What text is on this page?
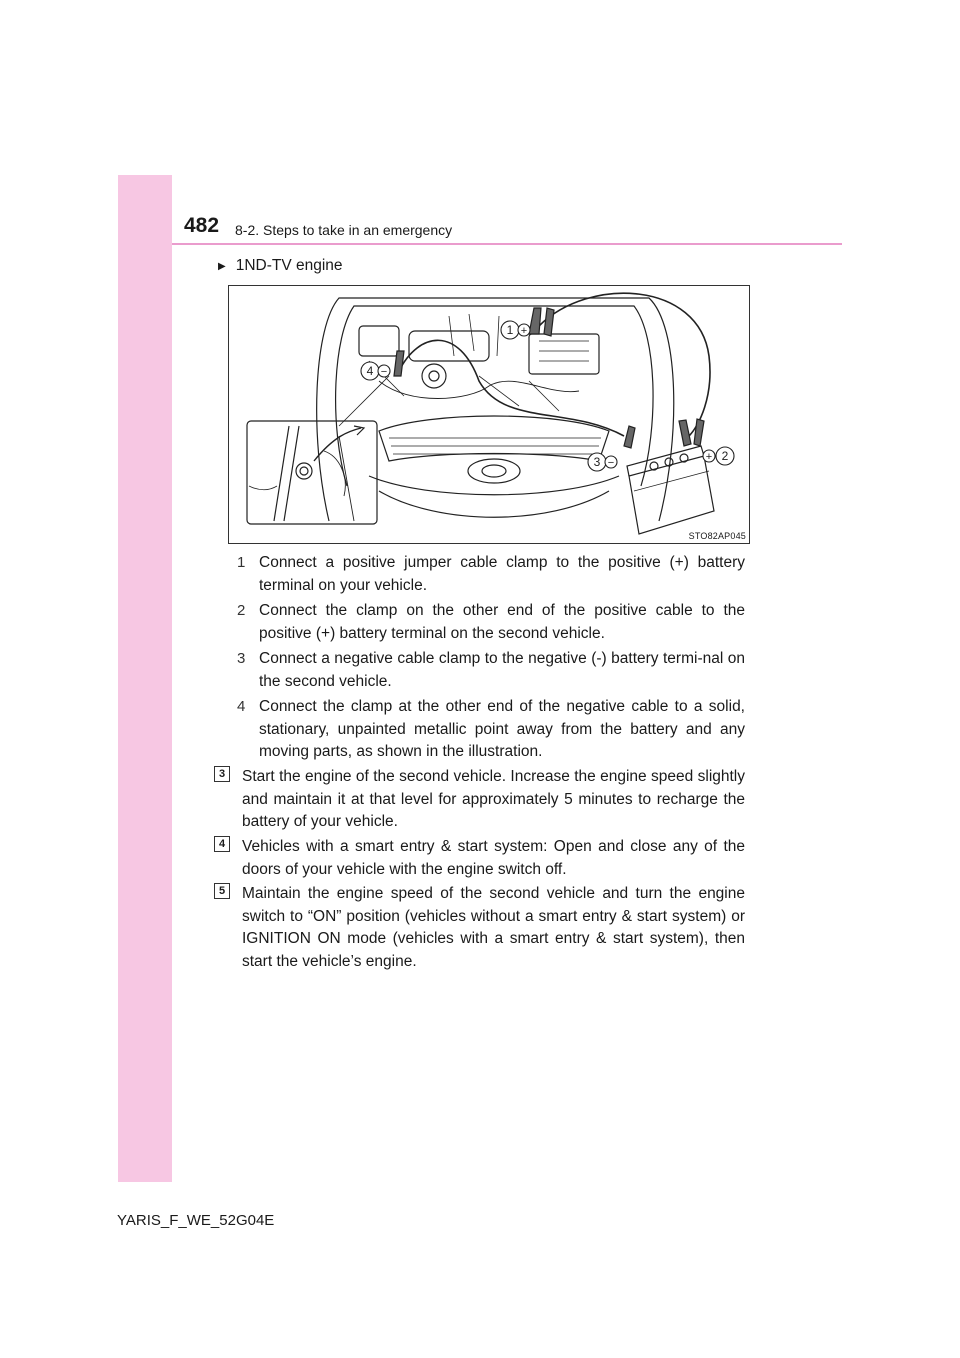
482 8-2. Steps to take in an emergency
▶ 1ND-TV engine
1
2
3
4
+
+
−
−
STO82AP045
1 Connect a positive jumper cable clamp to the positive (+) battery terminal on your vehicle.
2 Connect the clamp on the other end of the positive cable to the positive (+) battery terminal on the second vehicle.
3 Connect a negative cable clamp to the negative (-) battery termi-nal on the second vehicle.
4 Connect the clamp at the other end of the negative cable to a solid, stationary, unpainted metallic point away from the battery and any moving parts, as shown in the illustration.
3	Start the engine of the second vehicle. Increase the engine speed slightly and maintain it at that level for approximately 5 minutes to recharge the battery of your vehicle.
4	Vehicles with a smart entry & start system: Open and close any of the doors of your vehicle with the engine switch off.
5	Maintain the engine speed of the second vehicle and turn the engine switch to “ON” position (vehicles without a smart entry & start system) or IGNITION ON mode (vehicles with a smart entry & start system), then start the vehicle’s engine.
YARIS_F_WE_52G04E
